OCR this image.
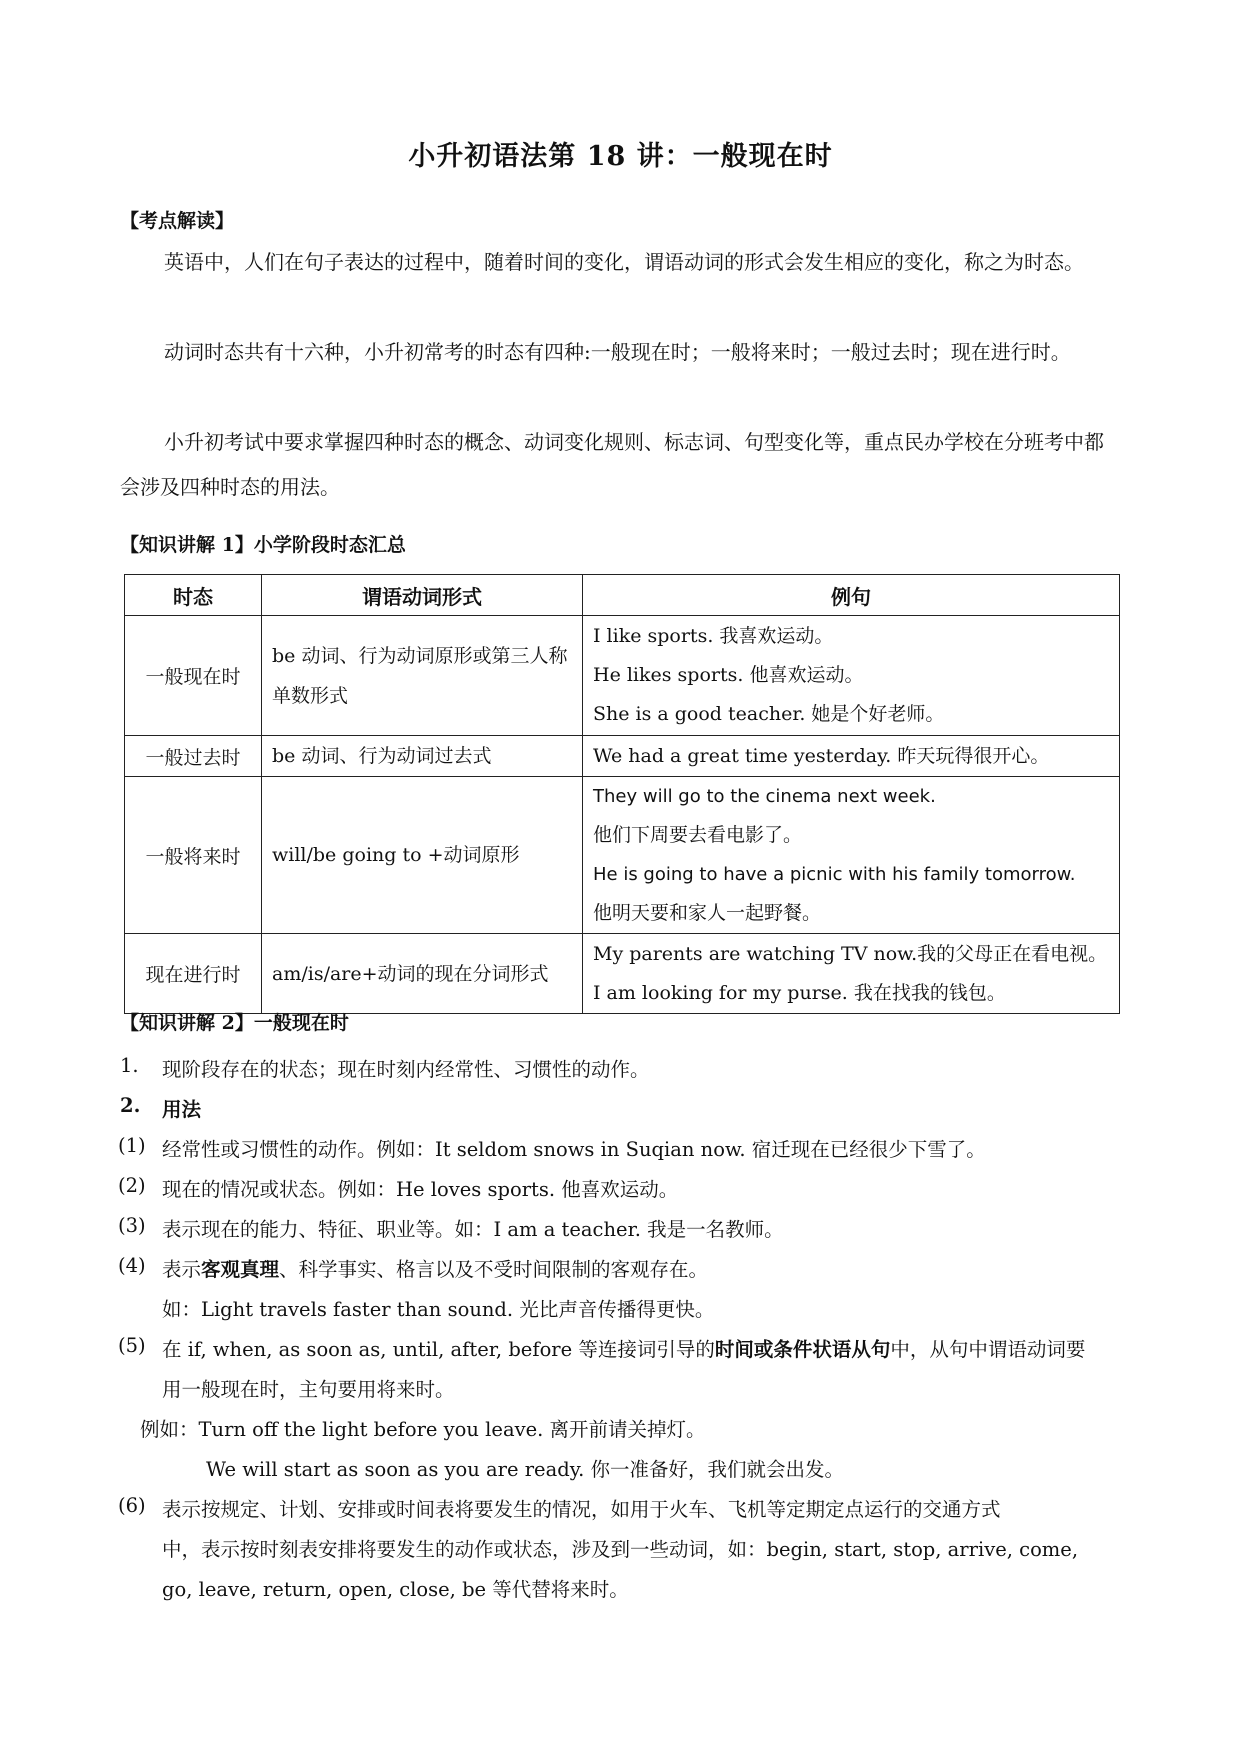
小升初语法第 18 讲：一般现在时
【考点解读】
英语中，人们在句子表达的过程中，随着时间的变化，谓语动词的形式会发生相应的变化，称之为时态。
动词时态共有十六种，小升初常考的时态有四种:一般现在时；一般将来时；一般过去时；现在进行时。
小升初考试中要求掌握四种时态的概念、动词变化规则、标志词、句型变化等，重点民办学校在分班考中都会涉及四种时态的用法。
【知识讲解 1】小学阶段时态汇总
时态	谓语动词形式	例句
一般现在时	be 动词、行为动词原形或第三人称单数形式	I like sports. 我喜欢运动。
He likes sports. 他喜欢运动。
She is a good teacher. 她是个好老师。

一般过去时	be 动词、行为动词过去式	We had a great time yesterday. 昨天玩得很开心。

一般将来时	will/be going to +动词原形	They will go to the cinema next week.
他们下周要去看电影了。
He is going to have a picnic with his family tomorrow.
他明天要和家人一起野餐。

现在进行时	am/is/are+动词的现在分词形式	My parents are watching TV now.我的父母正在看电视。
I am looking for my purse. 我在找我的钱包。
【知识讲解 2】一般现在时
1. 现阶段存在的状态；现在时刻内经常性、习惯性的动作。
2. 用法
(1) 经常性或习惯性的动作。例如：It seldom snows in Suqian now. 宿迁现在已经很少下雪了。
(2) 现在的情况或状态。例如：He loves sports. 他喜欢运动。
(3) 表示现在的能力、特征、职业等。如：I am a teacher. 我是一名教师。
(4) 表示客观真理、科学事实、格言以及不受时间限制的客观存在。
如：Light travels faster than sound. 光比声音传播得更快。
(5) 在 if, when, as soon as, until, after, before 等连接词引导的时间或条件状语从句中，从句中谓语动词要
用一般现在时，主句要用将来时。
例如：Turn off the light before you leave. 离开前请关掉灯。
We will start as soon as you are ready. 你一准备好，我们就会出发。
(6) 表示按规定、计划、安排或时间表将要发生的情况，如用于火车、飞机等定期定点运行的交通方式
中，表示按时刻表安排将要发生的动作或状态，涉及到一些动词，如：begin, start, stop, arrive, come,
go, leave, return, open, close, be 等代替将来时。
